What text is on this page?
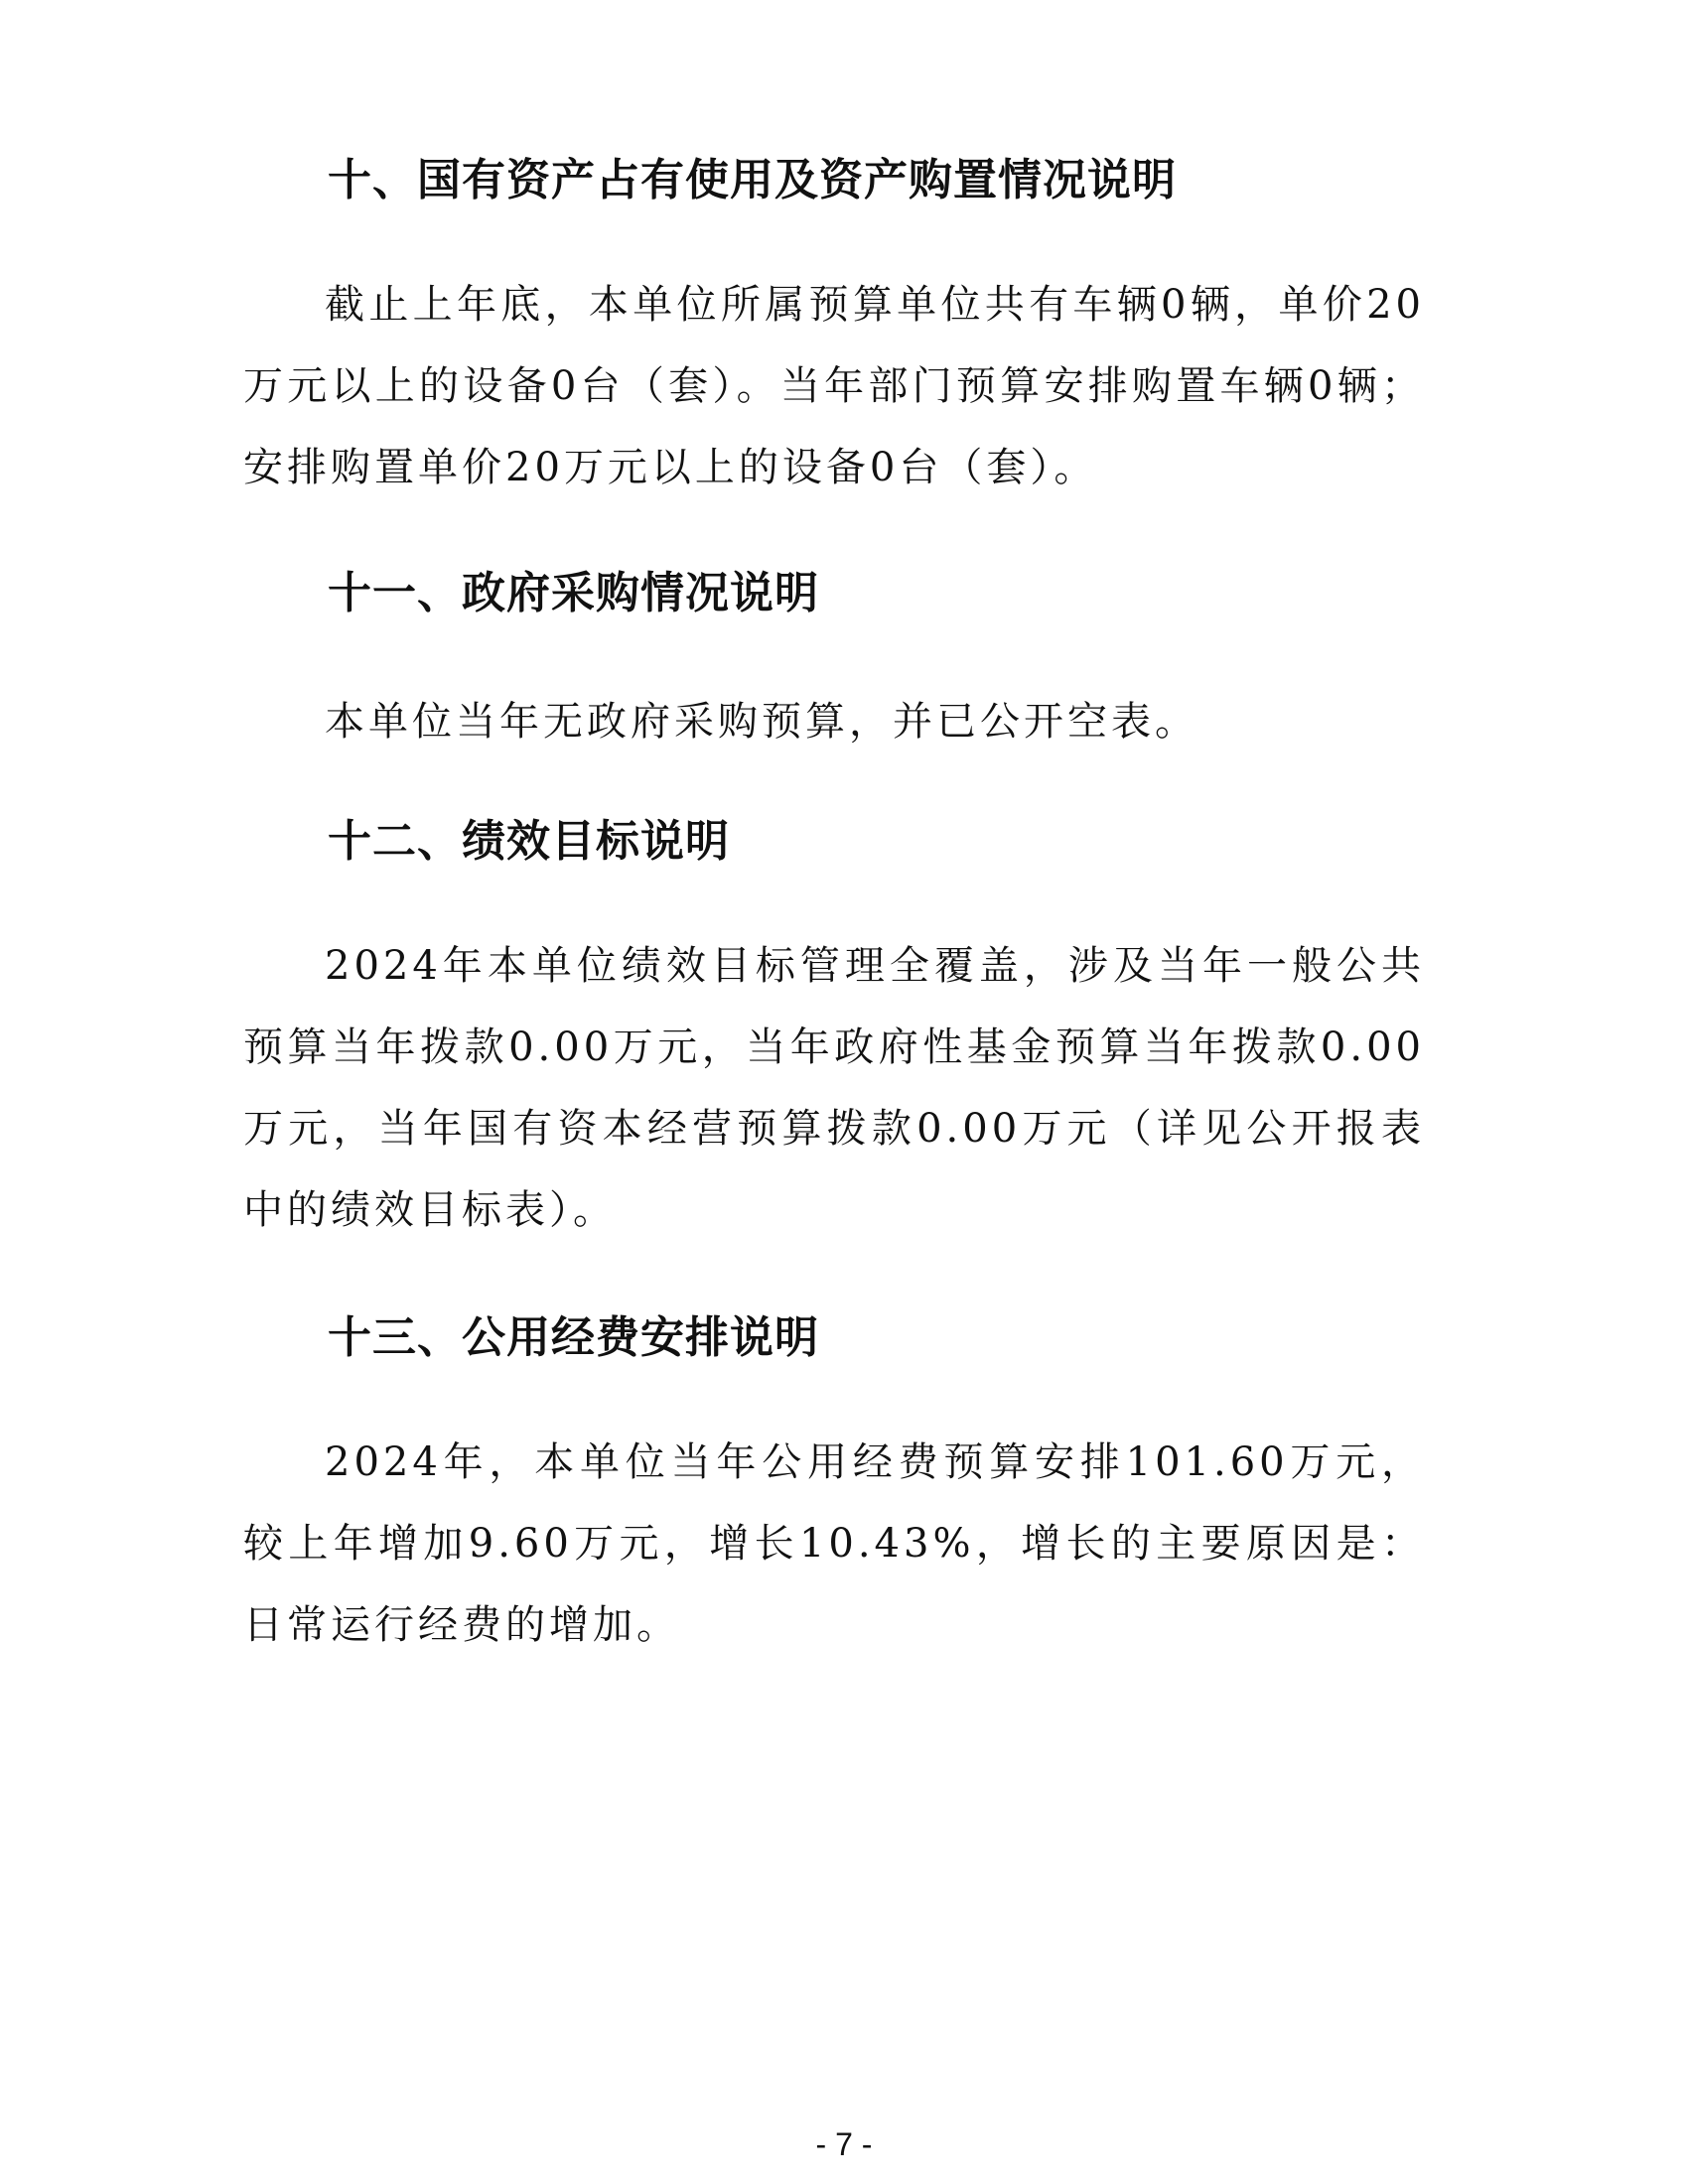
十、国有资产占有使用及资产购置情况说明

截止上年底，本单位所属预算单位共有车辆0辆，单价20万元以上的设备0台（套）。当年部门预算安排购置车辆0辆；安排购置单价20万元以上的设备0台（套）。

十一、政府采购情况说明

本单位当年无政府采购预算，并已公开空表。

十二、绩效目标说明

2024年本单位绩效目标管理全覆盖，涉及当年一般公共预算当年拨款0.00万元，当年政府性基金预算当年拨款0.00万元，当年国有资本经营预算拨款0.00万元（详见公开报表中的绩效目标表）。

十三、公用经费安排说明

2024年，本单位当年公用经费预算安排101.60万元，较上年增加9.60万元，增长10.43%，增长的主要原因是：日常运行经费的增加。

- 7 -
